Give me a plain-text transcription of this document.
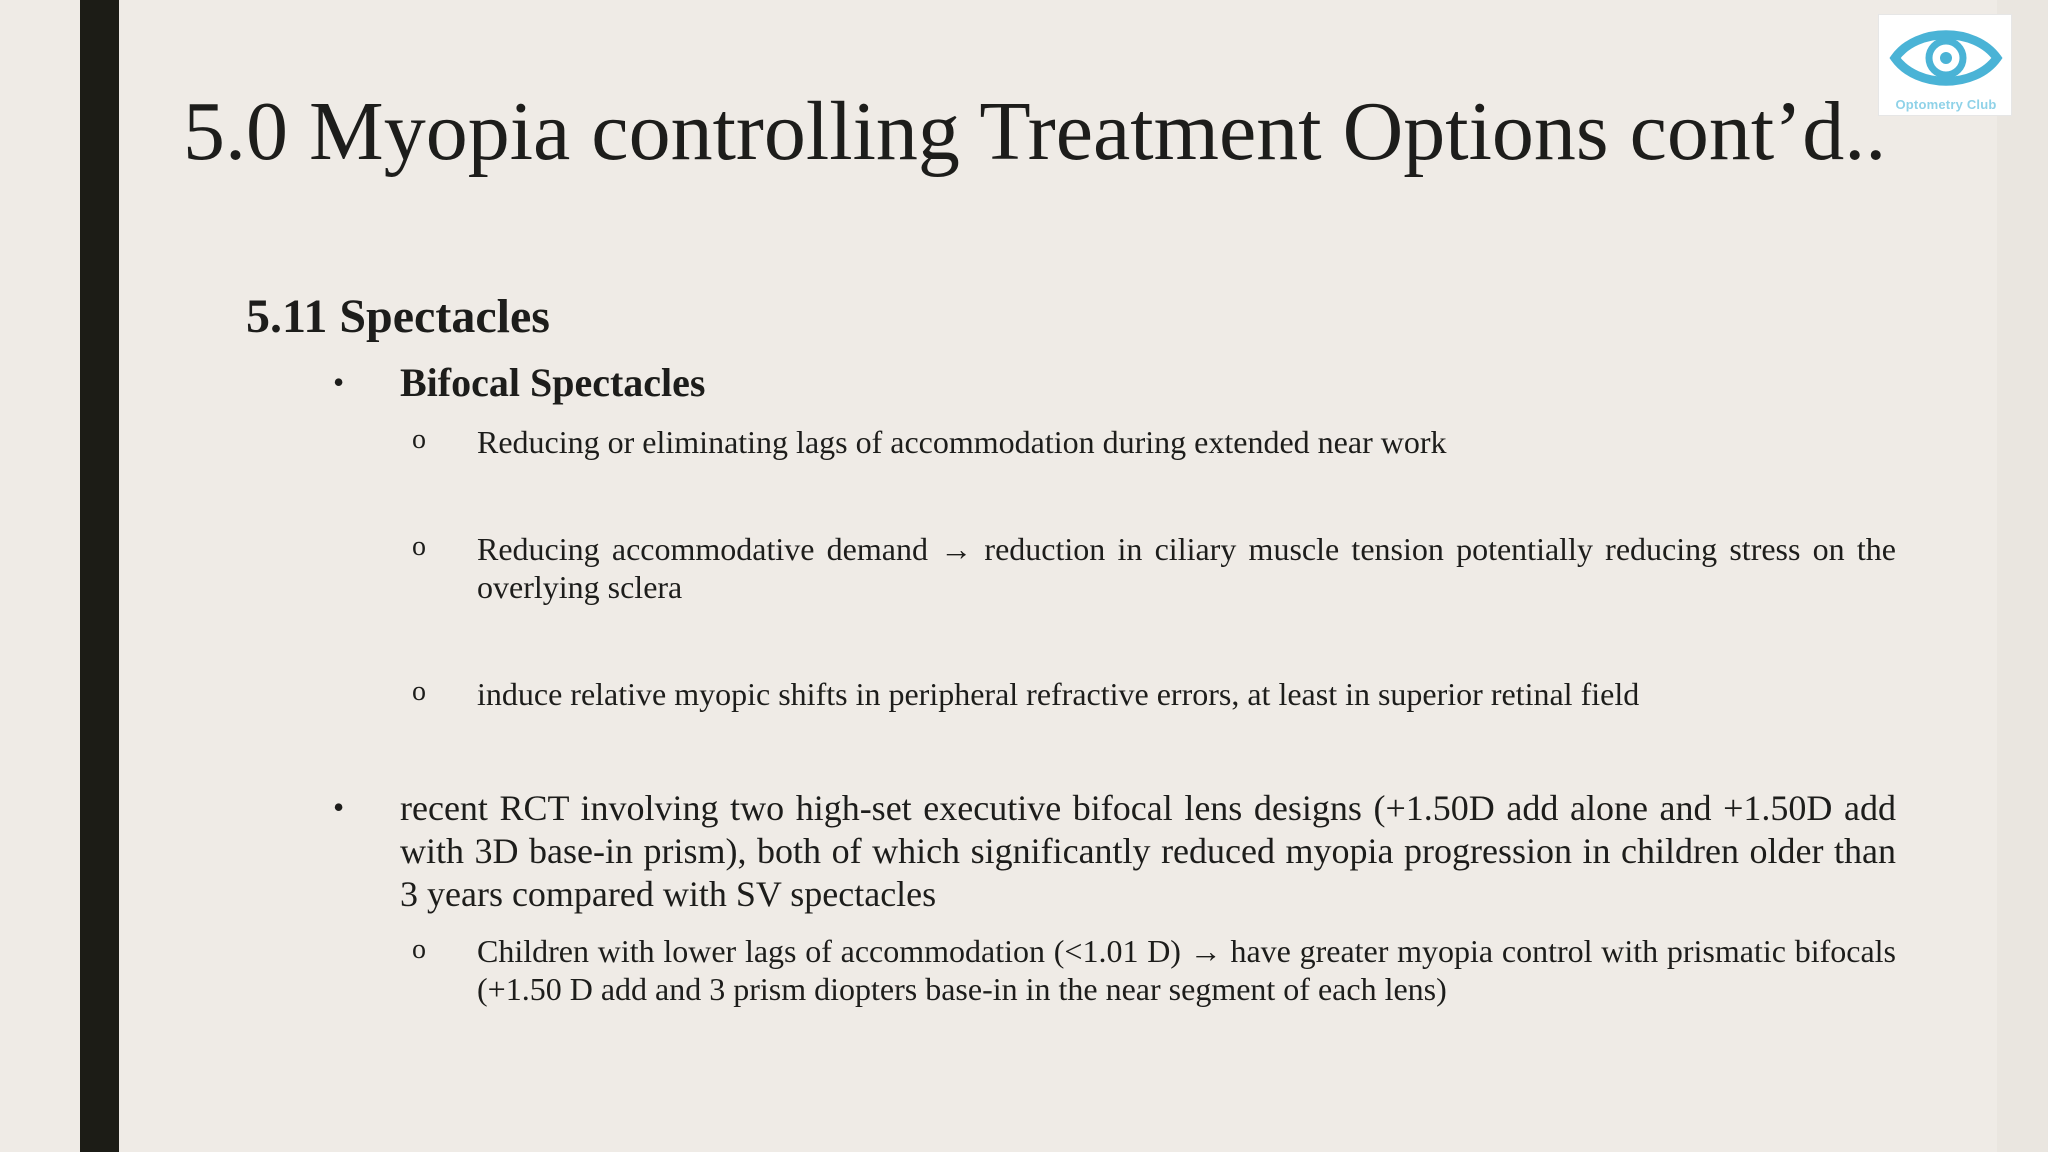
Optometry Club
5.0 Myopia controlling Treatment Options cont’d..
5.11 Spectacles
• Bifocal Spectacles
o Reducing or eliminating lags of accommodation during extended near work
o Reducing accommodative demand → reduction in ciliary muscle tension potentially reducing stress on the overlying sclera
o induce relative myopic shifts in peripheral refractive errors, at least in superior retinal field
• recent RCT involving two high-set executive bifocal lens designs (+1.50D add alone and +1.50D add with 3D base-in prism), both of which significantly reduced myopia progression in children older than 3 years compared with SV spectacles
o Children with lower lags of accommodation (<1.01 D) → have greater myopia control with prismatic bifocals (+1.50 D add and 3 prism diopters base-in in the near segment of each lens)
